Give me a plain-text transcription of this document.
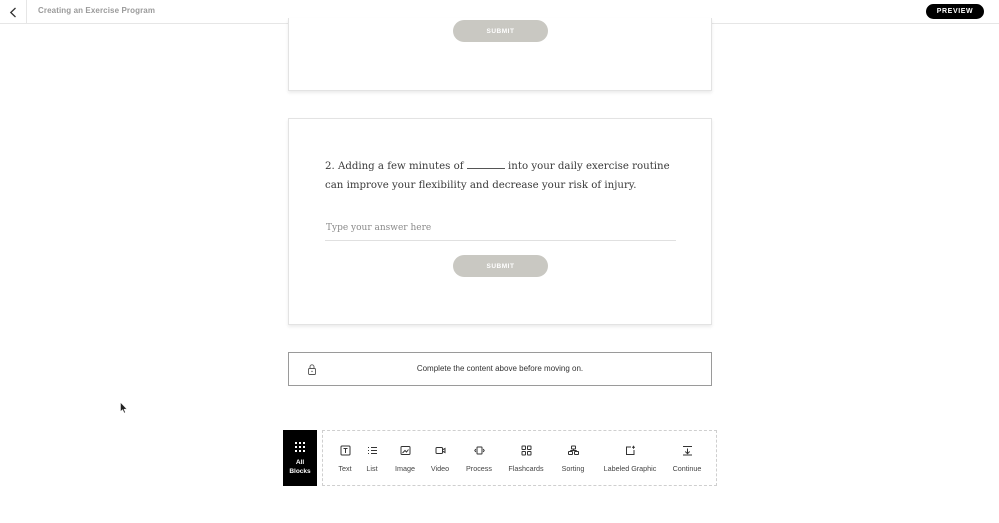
Creating an Exercise Program	PREVIEW
SUBMIT
2. Adding a few minutes of	into your daily exercise routine can improve your flexibility and decrease your risk of injury.
Type your answer here
SUBMIT
Complete the content above before moving on.
All
Blocks	Text List Image Video Process Flashcards	Sorting	Labeled Graphic Continue
